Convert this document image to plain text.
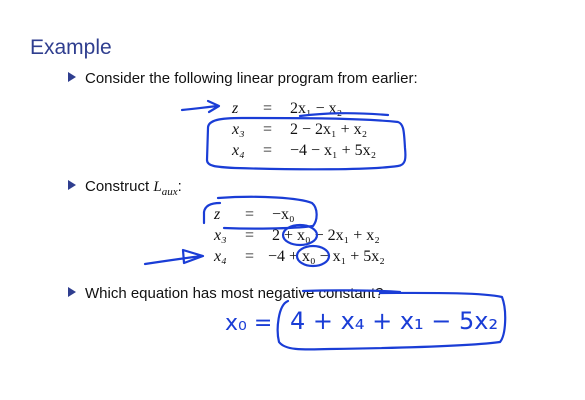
Example
Consider the following linear program from earlier:
z = 2x₁ − x₂
x₃ = 2 − 2x₁ + x₂
x₄ = −4 − x₁ + 5x₂
Construct $L_{aux}$:
z = −x₀
x₃ = 2 + x₀ − 2x₁ + x₂
x₄ = −4 + x₀ − x₁ + 5x₂
Which equation has most negative constant?
x₀ = 4 + x₄ + x₁ − 5x₂
